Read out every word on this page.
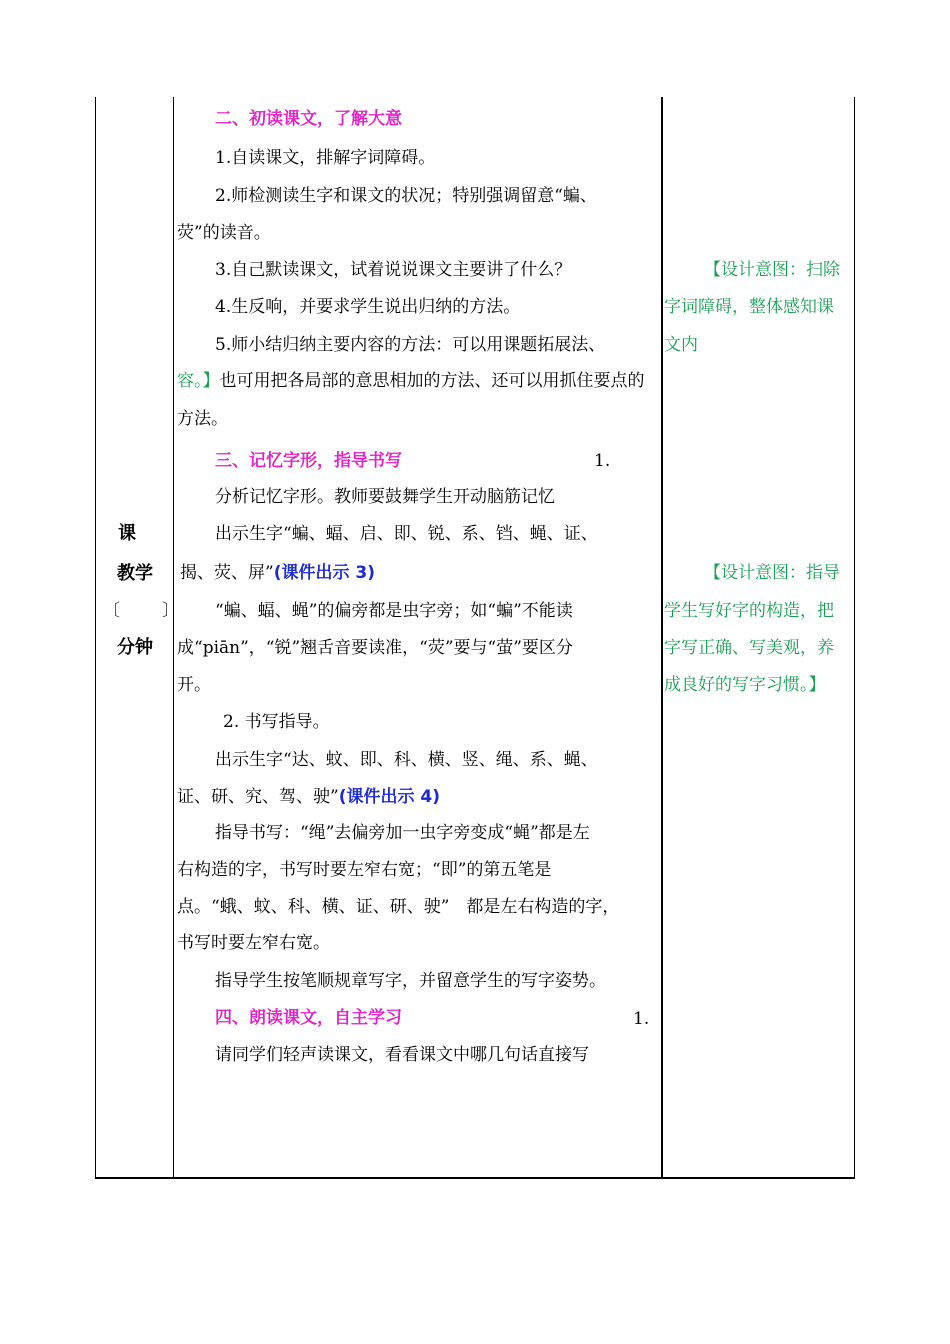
课
教学
〔 〕
分钟
二、初读课文，了解大意
1.自读课文，排解字词障碍。
2.师检测读生字和课文的状况；特别强调留意“蝙、
荧”的读音。
3.自己默读课文，试着说说课文主要讲了什么？
4.生反响，并要求学生说出归纳的方法。
5.师小结归纳主要内容的方法：可以用课题拓展法、
容。】也可用把各局部的意思相加的方法、还可以用抓住要点的
方法。
三、记忆字形，指导书写	1.
分析记忆字形。教师要鼓舞学生开动脑筋记忆
出示生字“蝙、蝠、启、即、锐、系、铛、蝇、证、
揭、荧、屏”(课件出示 3)
“蝙、蝠、蝇”的偏旁都是虫字旁；如“蝙”不能读
成“piān”，“锐”翘舌音要读准，“荧”要与“萤”要区分
开。
2. 书写指导。
出示生字“达、蚊、即、科、横、竖、绳、系、蝇、
证、研、究、驾、驶”(课件出示 4)
指导书写：“绳”去偏旁加一虫字旁变成“蝇”都是左
右构造的字，书写时要左窄右宽；“即”的第五笔是
点。“蛾、蚊、科、横、证、研、驶”　都是左右构造的字，
书写时要左窄右宽。
指导学生按笔顺规章写字，并留意学生的写字姿势。
四、朗读课文，自主学习	1.
请同学们轻声读课文，看看课文中哪几句话直接写
【设计意图：扫除
字词障碍，整体感知课
文内
【设计意图：指导
学生写好字的构造，把
字写正确、写美观，养
成良好的写字习惯。】
